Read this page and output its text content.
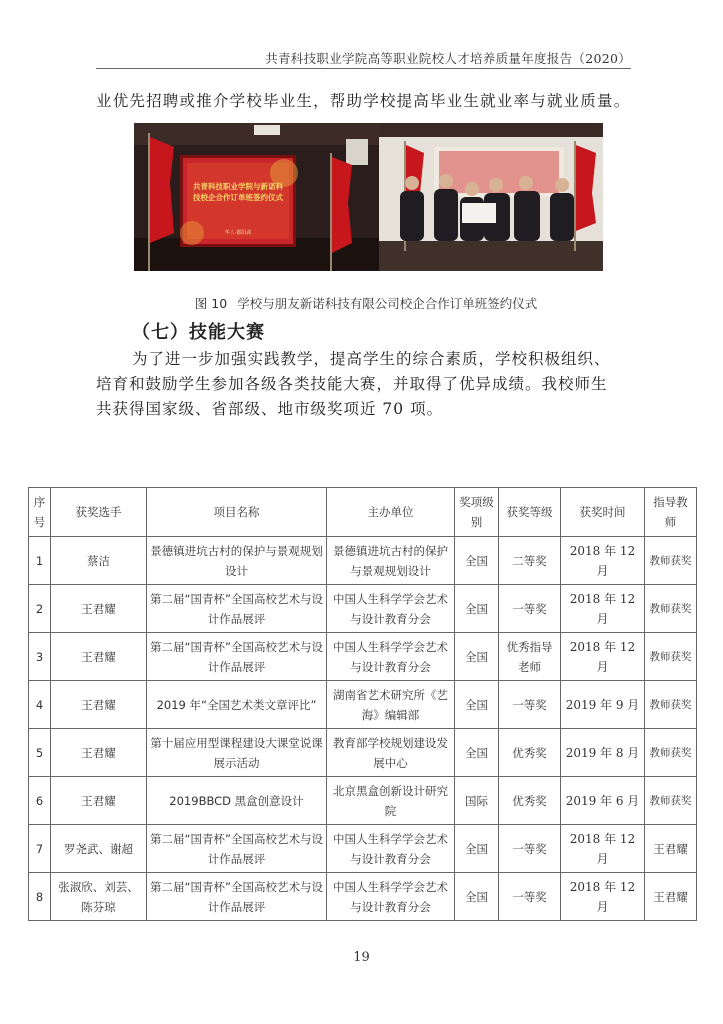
共青科技职业学院高等职业院校人才培养质量年度报告（2020）
业优先招聘或推介学校毕业生，帮助学校提高毕业生就业率与就业质量。
共青科技职业学院与新诺科技校企合作订单班签约仪式
华人·鄱阳湖
图 10 学校与朋友新诺科技有限公司校企合作订单班签约仪式
（七）技能大赛
为了进一步加强实践教学，提高学生的综合素质，学校积极组织、
培育和鼓励学生参加各级各类技能大赛，并取得了优异成绩。我校师生
共获得国家级、省部级、地市级奖项近 70 项。
序号	获奖选手	项目名称	主办单位	奖项级别	获奖等级	获奖时间	指导教师
1	蔡洁	景德镇进坑古村的保护与景观规划设计	景德镇进坑古村的保护与景观规划设计	全国	二等奖	2018 年 12 月	教师获奖
2	王君耀	第二届“国青杯”全国高校艺术与设计作品展评	中国人生科学学会艺术与设计教育分会	全国	一等奖	2018 年 12 月	教师获奖
3	王君耀	第二届“国青杯”全国高校艺术与设计作品展评	中国人生科学学会艺术与设计教育分会	全国	优秀指导老师	2018 年 12 月	教师获奖
4	王君耀	2019 年“全国艺术类文章评比”	湖南省艺术研究所《艺海》编辑部	全国	一等奖	2019 年 9 月	教师获奖
5	王君耀	第十届应用型课程建设大课堂说课展示活动	教育部学校规划建设发展中心	全国	优秀奖	2019 年 8 月	教师获奖
6	王君耀	2019BBCD 黑盒创意设计	北京黑盒创新设计研究院	国际	优秀奖	2019 年 6 月	教师获奖
7	罗尧武、谢超	第二届“国青杯”全国高校艺术与设计作品展评	中国人生科学学会艺术与设计教育分会	全国	一等奖	2018 年 12 月	王君耀
8	张淑欣、刘芸、陈芬琼	第二届“国青杯”全国高校艺术与设计作品展评	中国人生科学学会艺术与设计教育分会	全国	一等奖	2018 年 12 月	王君耀
19
